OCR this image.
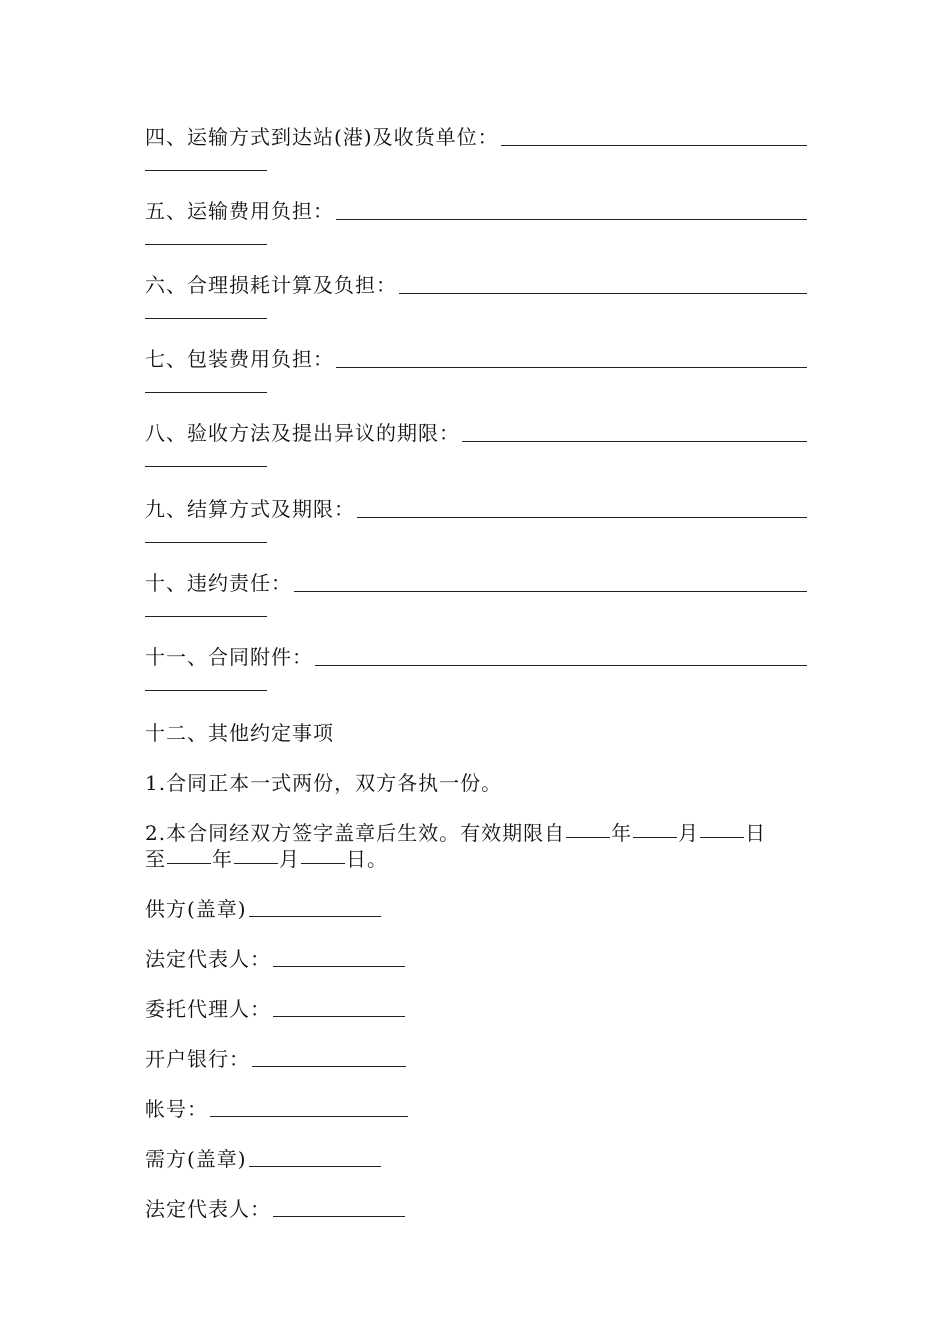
四、运输方式到达站(港)及收货单位：
五、运输费用负担：
六、合理损耗计算及负担：
七、包装费用负担：
八、验收方法及提出异议的期限：
九、结算方式及期限：
十、违约责任：
十一、合同附件：
十二、其他约定事项
1.合同正本一式两份，双方各执一份。
2.本合同经双方签字盖章后生效。有效期限自 年 月 日
至 年 月 日。
供方(盖章)
法定代表人：
委托代理人：
开户银行：
帐号：
需方(盖章)
法定代表人：
